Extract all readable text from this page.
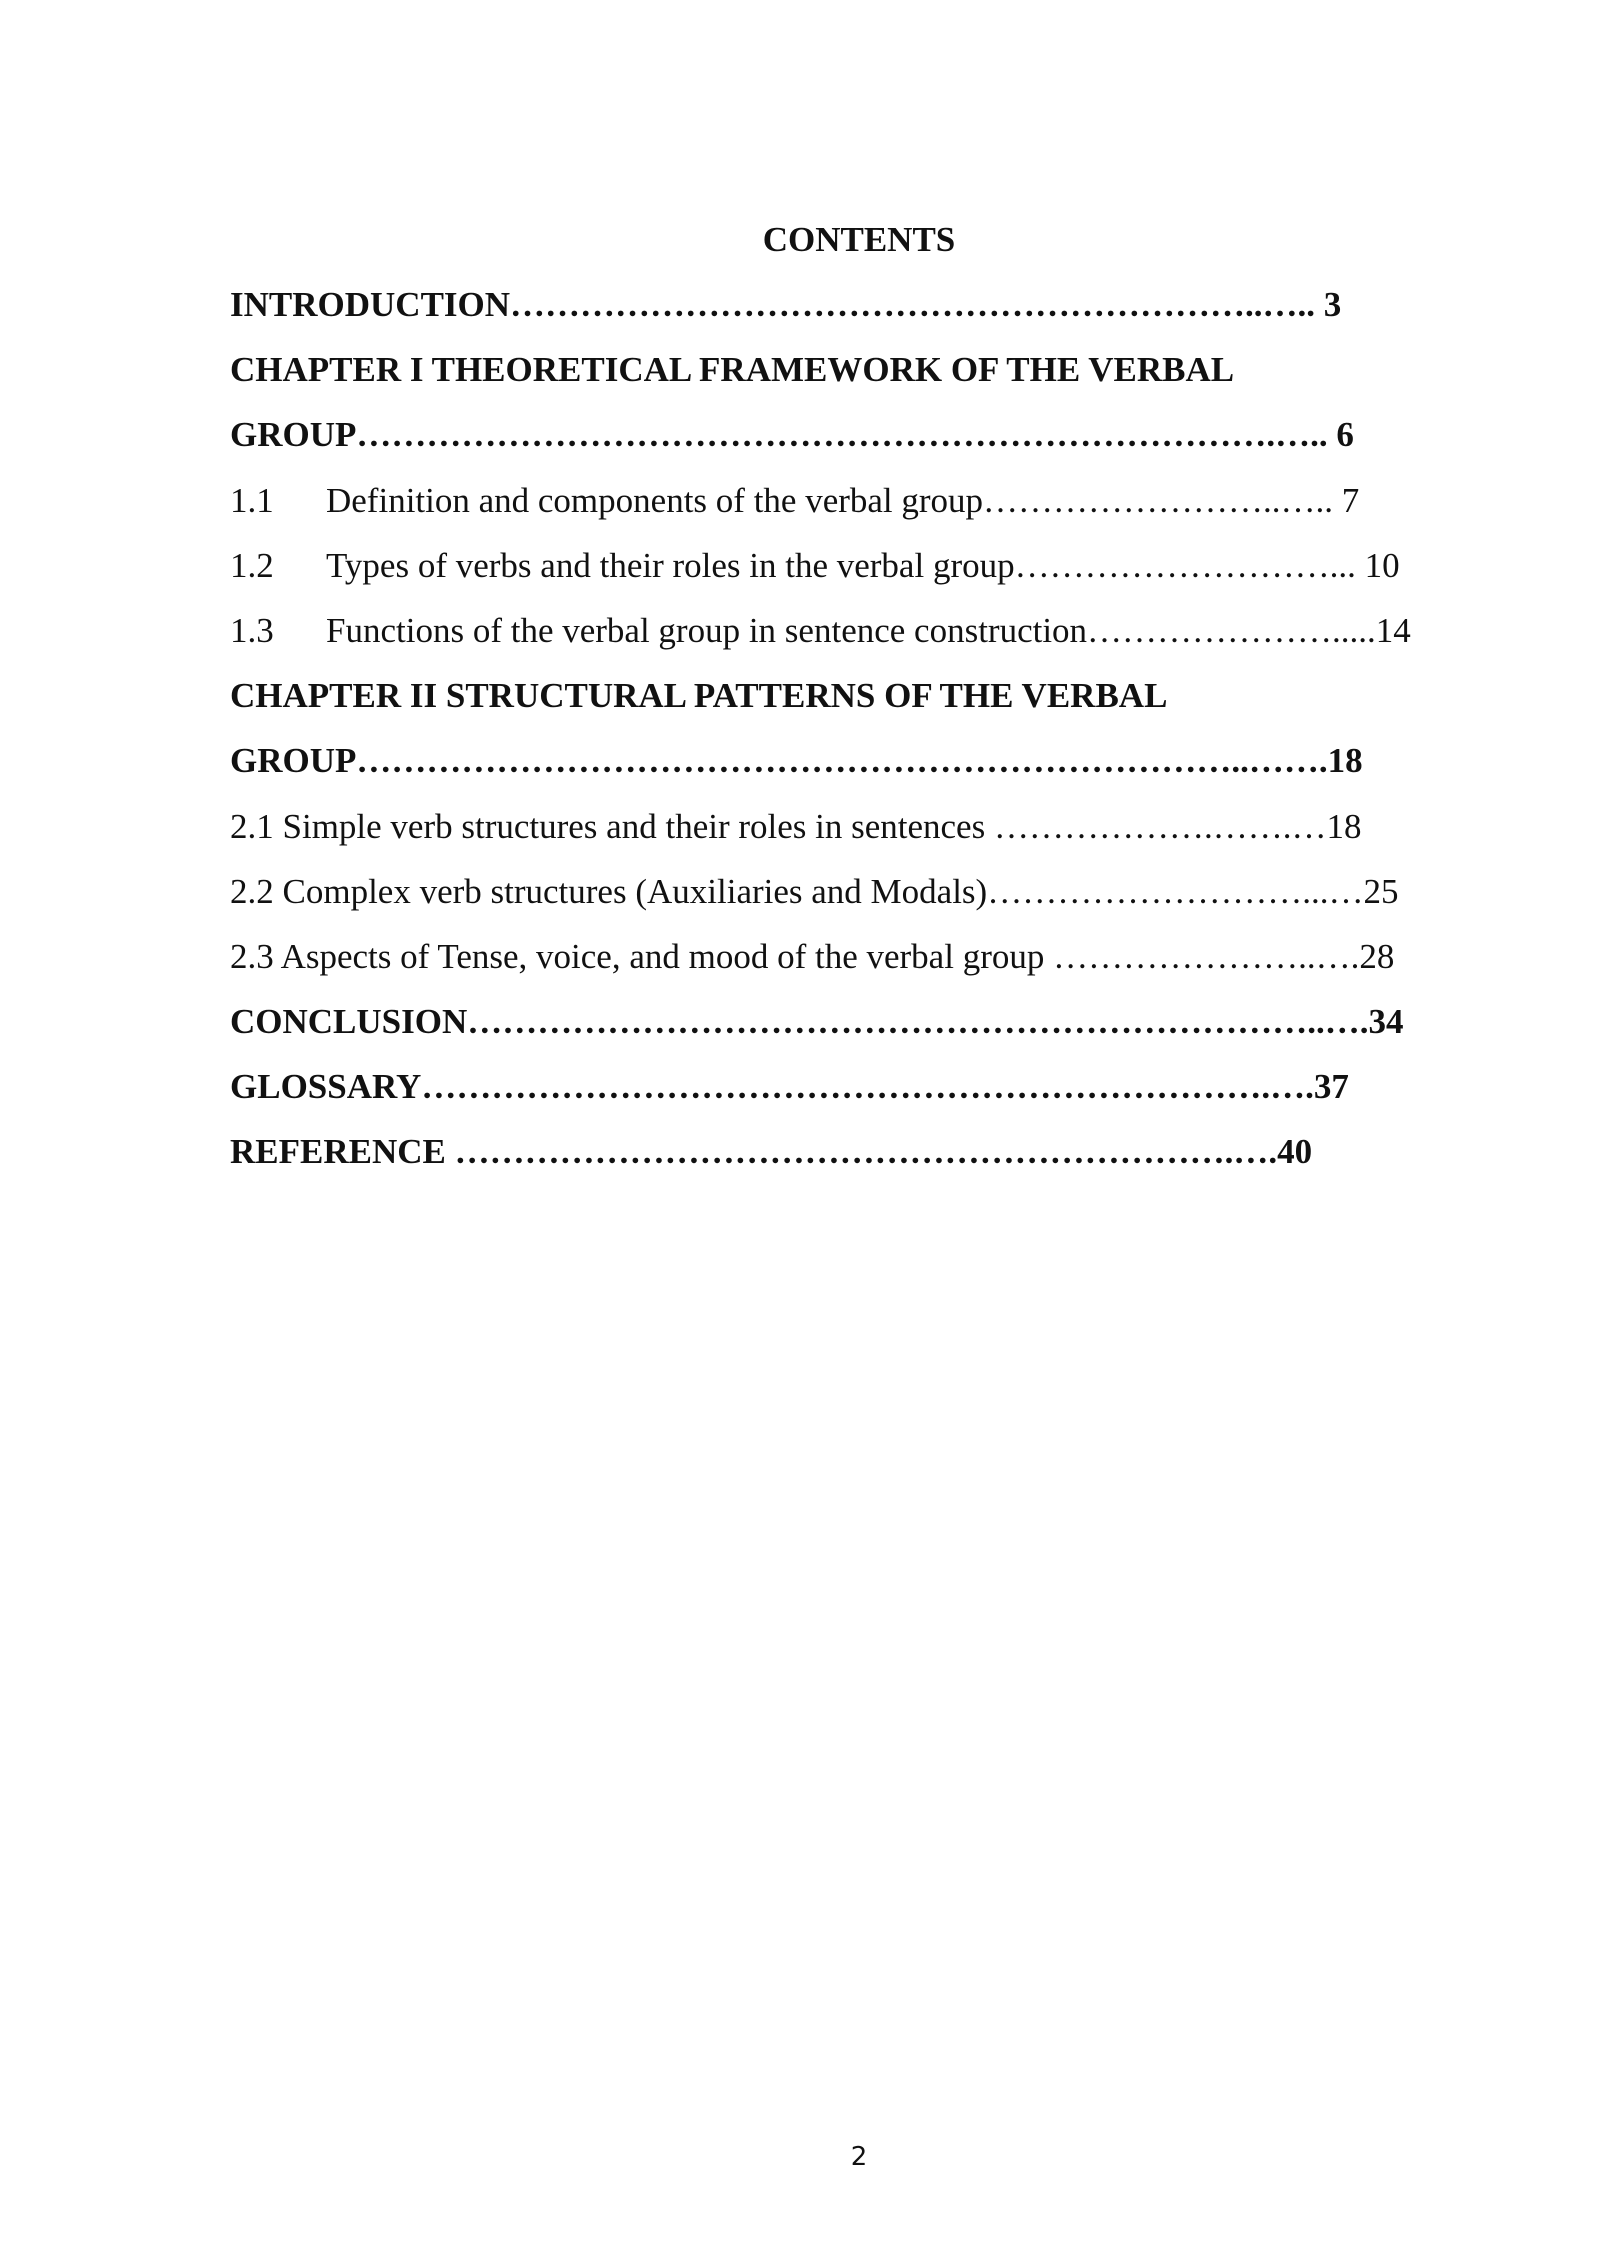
CONTENTS
INTRODUCTION………………………………………………………..….. 3
CHAPTER I THEORETICAL FRAMEWORK OF THE VERBAL
GROUP…………………………………………………………………….….. 6
1.1 Definition and components of the verbal group……………………..….. 7
1.2 Types of verbs and their roles in the verbal group………………………... 10
1.3 Functions of the verbal group in sentence construction………………….....14
CHAPTER II STRUCTURAL PATTERNS OF THE VERBAL
GROUP…………………………………………………………………..…….18
2.1 Simple verb structures and their roles in sentences ……………….…….…18
2.2 Complex verb structures (Auxiliaries and Modals)………………………...…25
2.3 Aspects of Tense, voice, and mood of the verbal group …………………..….28
CONCLUSION………………………………………………………………..….34
GLOSSARY……………………………………………………………….….37
REFERENCE ………………………………………………………….….40
2
